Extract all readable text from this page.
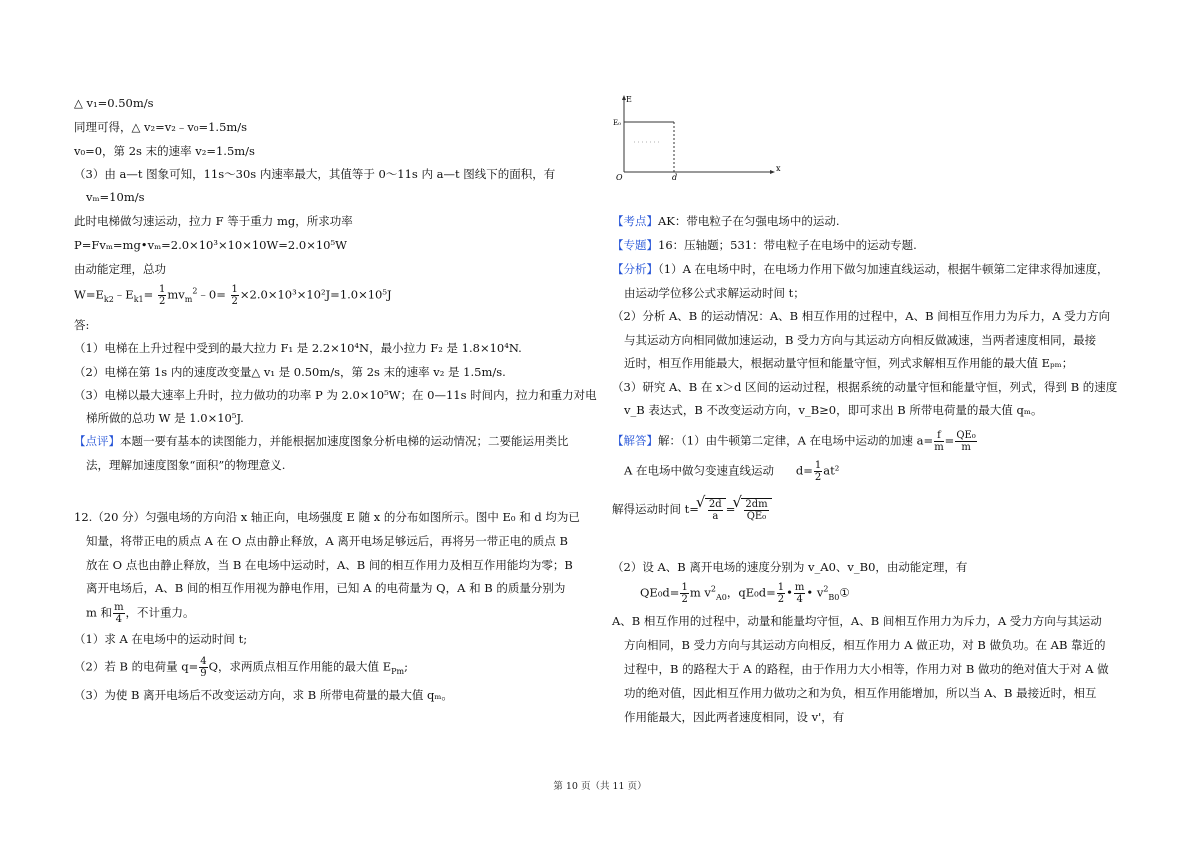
△ v₁=0.50m/s
同理可得，△ v₂=v₂﹣v₀=1.5m/s
v₀=0，第 2s 末的速率 v₂=1.5m/s
（3）由 a—t 图象可知，11s～30s 内速率最大，其值等于 0～11s 内 a—t 图线下的面积，有
vₘ=10m/s
此时电梯做匀速运动，拉力 F 等于重力 mg，所求功率
P=Fvₘ=mg•vₘ=2.0×10³×10×10W=2.0×10⁵W
由动能定理，总功
$W=E_{k2}﹣E_{k1}= \frac{1}{2}$ $mv_m^2﹣0= \frac{1}{2} \times 2.0\times 10^3\times 10^2J=1.0\times 10^5J$
答:
（1）电梯在上升过程中受到的最大拉力 F₁ 是 2.2×10⁴N，最小拉力 F₂ 是 1.8×10⁴N.
（2）电梯在第 1s 内的速度改变量△ v₁ 是 0.50m/s，第 2s 末的速率 v₂ 是 1.5m/s.
（3）电梯以最大速率上升时，拉力做功的功率 P 为 2.0×10⁵W；在 0—11s 时间内，拉力和重力对电
梯所做的总功 W 是 1.0×10⁵J.
【点评】本题一要有基本的读图能力，并能根据加速度图象分析电梯的运动情况；二要能运用类比
法，理解加速度图象“面积”的物理意义.
12.（20 分）匀强电场的方向沿 x 轴正向，电场强度 E 随 x 的分布如图所示。图中 E₀ 和 d 均为已
知量，将带正电的质点 A 在 O 点由静止释放，A 离开电场足够远后，再将另一带正电的质点 B
放在 O 点也由静止释放，当 B 在电场中运动时，A、B 间的相互作用力及相互作用能均为零；B
离开电场后，A、B 间的相互作用视为静电作用，已知 A 的电荷量为 Q，A 和 B 的质量分别为
m 和 $\frac{m}{4}$ ，不计重力。
（1）求 A 在电场中的运动时间 t;
（2）若 B 的电荷量 $q= \frac{4}{9}$ Q，求两质点相互作用能的最大值 $E_{Pm}$;
（3）为使 B 离开电场后不改变运动方向，求 B 所带电荷量的最大值 qₘ。
E
x
O
E₀
d
【考点】AK：带电粒子在匀强电场中的运动.
【专题】16：压轴题；531：带电粒子在电场中的运动专题.
【分析】（1）A 在电场中时，在电场力作用下做匀加速直线运动，根据牛顿第二定律求得加速度，
由运动学位移公式求解运动时间 t；
（2）分析 A、B 的运动情况：A、B 相互作用的过程中，A、B 间相互作用力为斥力，A 受力方向
与其运动方向相同做加速运动，B 受力方向与其运动方向相反做减速，当两者速度相同，最接
近时，相互作用能最大，根据动量守恒和能量守恒，列式求解相互作用能的最大值 Eₚₘ；
（3）研究 A、B 在 x＞d 区间的运动过程，根据系统的动量守恒和能量守恒，列式，得到 B 的速度
v_B 表达式，B 不改变运动方向，v_B≥0，即可求出 B 所带电荷量的最大值 qₘ。
【解答】解：（1）由牛顿第二定律，A 在电场中运动的加速 $a= \frac{f}{m} = \frac{\text{QE₀}}{m}$
A 在电场中做匀变速直线运动 $d= \frac{1}{2} at^2$
解得运动时间 t= √ $\frac{2d}{a}$ = √ $\frac{2dm}{\text{QE₀}}$
（2）设 A、B 离开电场的速度分别为 v_A0、v_B0，由动能定理，有
$QE_0d= \frac{1}{2}$ m $v^2_{A0}$，$qE_0d= \frac{1}{2}$ • $\frac{m}{4}$ • $v^2_{B0}①$
A、B 相互作用的过程中，动量和能量均守恒，A、B 间相互作用力为斥力，A 受力方向与其运动
方向相同，B 受力方向与其运动方向相反，相互作用力 A 做正功，对 B 做负功。在 AB 靠近的
过程中，B 的路程大于 A 的路程，由于作用力大小相等，作用力对 B 做功的绝对值大于对 A 做
功的绝对值，因此相互作用力做功之和为负，相互作用能增加，所以当 A、B 最接近时，相互
作用能最大，因此两者速度相同，设 v'，有
第 10 页（共 11 页）
